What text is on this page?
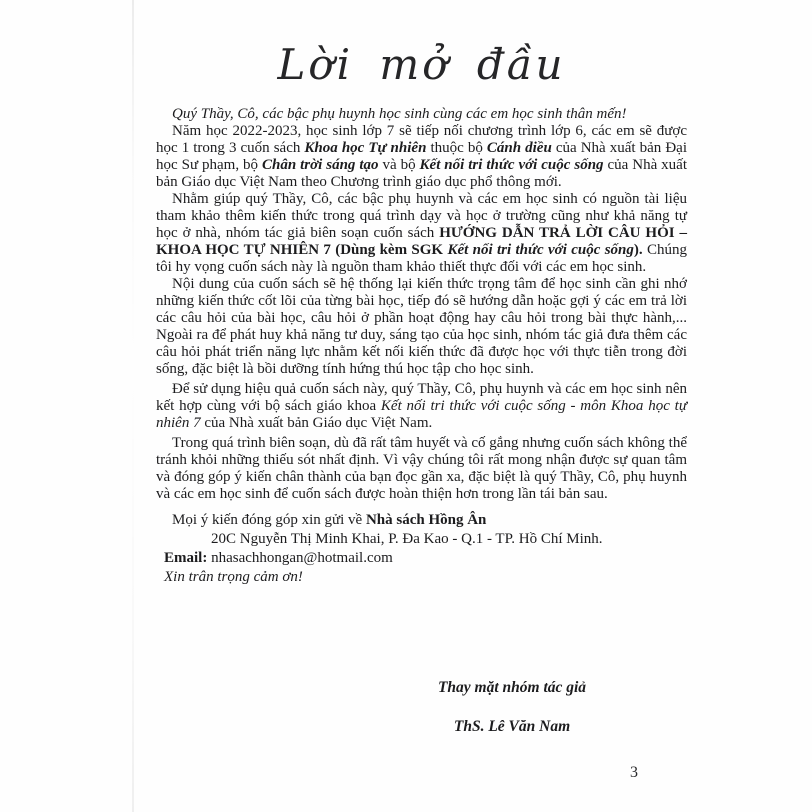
Lời mở đầu

Quý Thầy, Cô, các bậc phụ huynh học sinh cùng các em học sinh thân mến!

Năm học 2022-2023, học sinh lớp 7 sẽ tiếp nối chương trình lớp 6, các em sẽ được học 1 trong 3 cuốn sách Khoa học Tự nhiên thuộc bộ Cánh diều của Nhà xuất bản Đại học Sư phạm, bộ Chân trời sáng tạo và bộ Kết nối tri thức với cuộc sống của Nhà xuất bản Giáo dục Việt Nam theo Chương trình giáo dục phổ thông mới.

Nhằm giúp quý Thầy, Cô, các bậc phụ huynh và các em học sinh có nguồn tài liệu tham khảo thêm kiến thức trong quá trình dạy và học ở trường cũng như khả năng tự học ở nhà, nhóm tác giả biên soạn cuốn sách HƯỚNG DẪN TRẢ LỜI CÂU HỎI – KHOA HỌC TỰ NHIÊN 7 (Dùng kèm SGK Kết nối tri thức với cuộc sống). Chúng tôi hy vọng cuốn sách này là nguồn tham khảo thiết thực đối với các em học sinh.

Nội dung của cuốn sách sẽ hệ thống lại kiến thức trọng tâm để học sinh cần ghi nhớ những kiến thức cốt lõi của từng bài học, tiếp đó sẽ hướng dẫn hoặc gợi ý các em trả lời các câu hỏi của bài học, câu hỏi ở phần hoạt động hay câu hỏi trong bài thực hành,... Ngoài ra để phát huy khả năng tư duy, sáng tạo của học sinh, nhóm tác giả đưa thêm các câu hỏi phát triển năng lực nhằm kết nối kiến thức đã được học với thực tiễn trong đời sống, đặc biệt là bồi dưỡng tính hứng thú học tập cho học sinh.

Để sử dụng hiệu quả cuốn sách này, quý Thầy, Cô, phụ huynh và các em học sinh nên kết hợp cùng với bộ sách giáo khoa Kết nối tri thức với cuộc sống - môn Khoa học tự nhiên 7 của Nhà xuất bản Giáo dục Việt Nam.

Trong quá trình biên soạn, dù đã rất tâm huyết và cố gắng nhưng cuốn sách không thể tránh khỏi những thiếu sót nhất định. Vì vậy chúng tôi rất mong nhận được sự quan tâm và đóng góp ý kiến chân thành của bạn đọc gần xa, đặc biệt là quý Thầy, Cô, phụ huynh và các em học sinh để cuốn sách được hoàn thiện hơn trong lần tái bản sau.

Mọi ý kiến đóng góp xin gửi về Nhà sách Hồng Ân

20C Nguyễn Thị Minh Khai, P. Đa Kao - Q.1 - TP. Hồ Chí Minh.

Email: nhasachhongan@hotmail.com

Xin trân trọng cảm ơn!

Thay mặt nhóm tác giả

ThS. Lê Văn Nam

3
